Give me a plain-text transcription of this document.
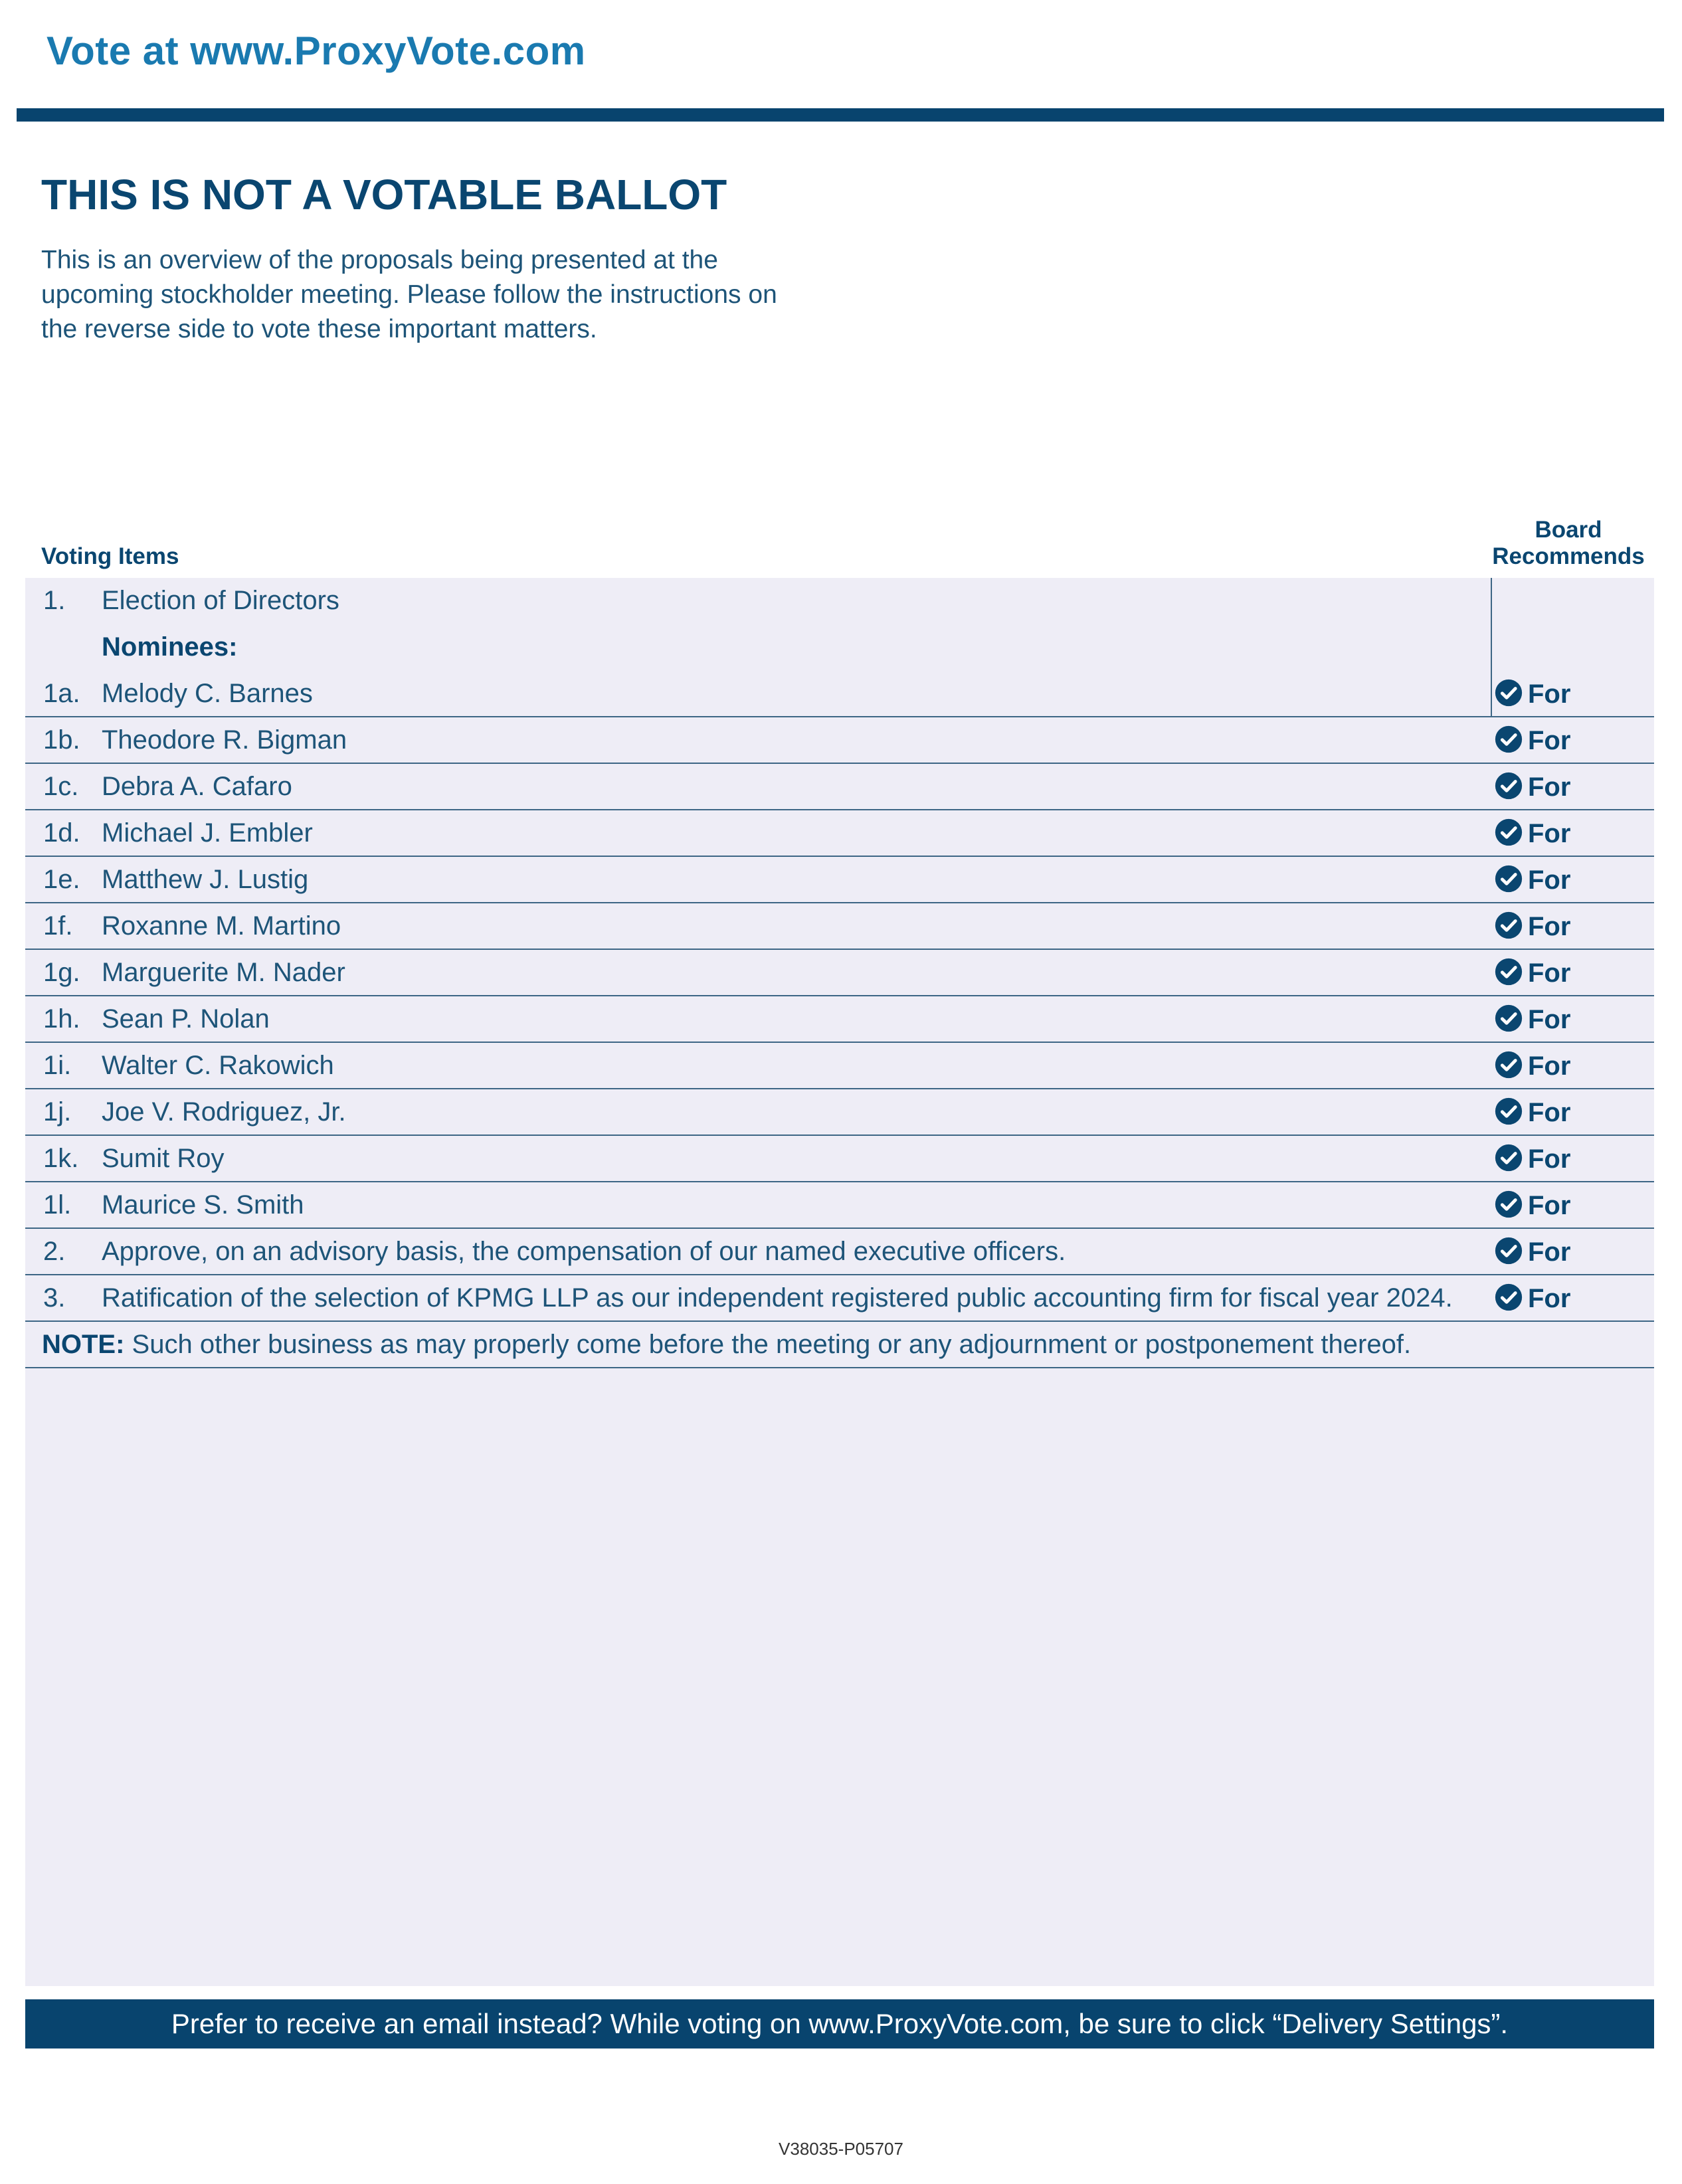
Vote at www.ProxyVote.com
THIS IS NOT A VOTABLE BALLOT
This is an overview of the proposals being presented at the
upcoming stockholder meeting. Please follow the instructions on
the reverse side to vote these important matters.
Voting Items
Board
Recommends
1. Election of Directors
Nominees:
1a. Melody C. Barnes	For
1b. Theodore R. Bigman	For
1c. Debra A. Cafaro	For
1d. Michael J. Embler	For
1e. Matthew J. Lustig	For
1f. Roxanne M. Martino	For
1g. Marguerite M. Nader	For
1h. Sean P. Nolan	For
1i. Walter C. Rakowich	For
1j. Joe V. Rodriguez, Jr.	For
1k. Sumit Roy	For
1l. Maurice S. Smith	For
2. Approve, on an advisory basis, the compensation of our named executive officers.	For
3. Ratification of the selection of KPMG LLP as our independent registered public accounting firm for fiscal year 2024.	For
NOTE: Such other business as may properly come before the meeting or any adjournment or postponement thereof.
Prefer to receive an email instead? While voting on www.ProxyVote.com, be sure to click “Delivery Settings”.
V38035-P05707
